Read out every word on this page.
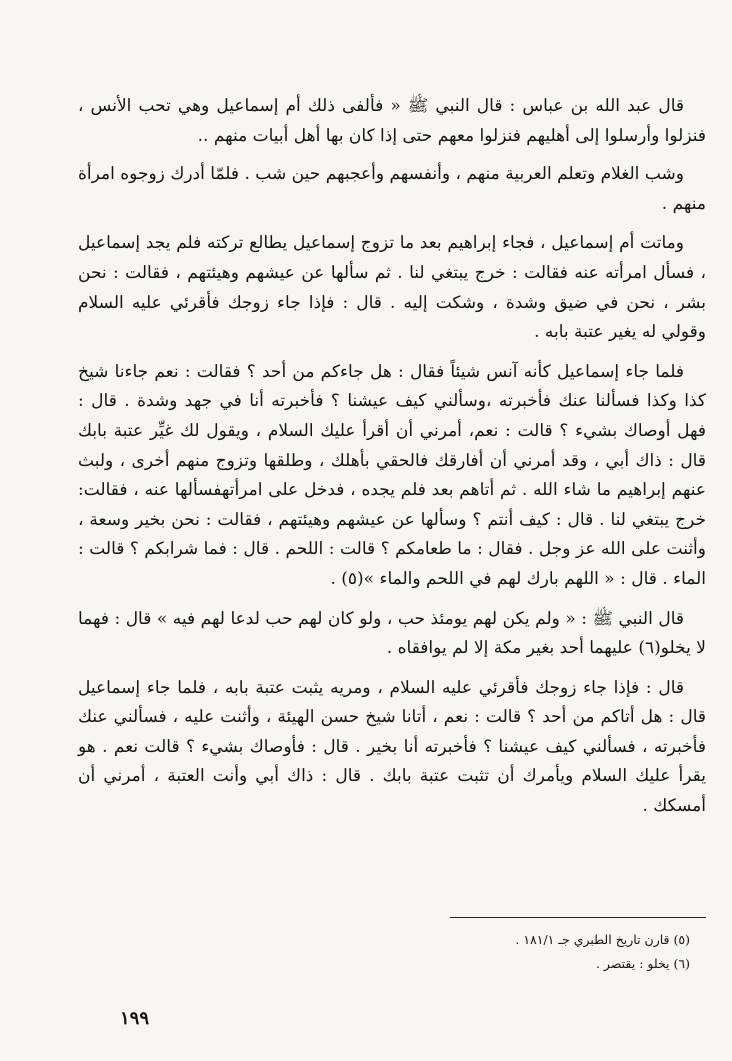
قال عبد الله بن عباس : قال النبي ﷺ « فألفى ذلك أم إسماعيل وهي تحب الأنس ، فنزلوا وأرسلوا إلى أهليهم فنزلوا معهم حتى إذا كان بها أهل أبيات منهم ..

وشب الغلام وتعلم العربية منهم ، وأنفسهم وأعجبهم حين شب . فلمّا أدرك زوجوه امرأة منهم .

وماتت أم إسماعيل ، فجاء إبراهيم بعد ما تزوج إسماعيل يطالع تركته فلم يجد إسماعيل ، فسأل امرأته عنه فقالت : خرج يبتغي لنا . ثم سألها عن عيشهم وهيئتهم ، فقالت : نحن بشر ، نحن في ضيق وشدة ، وشكت إليه . قال : فإذا جاء زوجك فأقرئي عليه السلام وقولي له يغير عتبة بابه .

فلما جاء إسماعيل كأنه آنس شيئاً فقال : هل جاءكم من أحد ؟ فقالت : نعم جاءنا شيخ كذا وكذا فسألنا عنك فأخبرته ،وسألني كيف عيشنا ؟ فأخبرته أنا في جهد وشدة . قال : فهل أوصاك بشيء ؟ قالت : نعم، أمرني أن أقرأ عليك السلام ، ويقول لك غيِّر عتبة بابك قال : ذاك أبي ، وقد أمرني أن أفارقك فالحقي بأهلك ، وطلقها وتزوج منهم أخرى ، ولبث عنهم إبراهيم ما شاء الله . ثم أتاهم بعد فلم يجده ، فدخل على امرأتهفسألها عنه ، فقالت: خرج يبتغي لنا . قال : كيف أنتم ؟ وسألها عن عيشهم وهيئتهم ، فقالت : نحن بخير وسعة ، وأثنت على الله عز وجل . فقال : ما طعامكم ؟ قالت : اللحم . قال : فما شرابكم ؟ قالت : الماء . قال : « اللهم بارك لهم في اللحم والماء »(٥) .

قال النبي ﷺ : « ولم يكن لهم يومئذ حب ، ولو كان لهم حب لدعا لهم فيه » قال : فهما لا يخلو(٦) عليهما أحد بغير مكة إلا لم يوافقاه .

قال : فإذا جاء زوجك فأقرئي عليه السلام ، ومريه يثبت عتبة بابه ، فلما جاء إسماعيل قال : هل أتاكم من أحد ؟ قالت : نعم ، أتانا شيخ حسن الهيئة ، وأثنت عليه ، فسألني عنك فأخبرته ، فسألني كيف عيشنا ؟ فأخبرته أنا بخير . قال : فأوصاك بشيء ؟ قالت نعم . هو يقرأ عليك السلام ويأمرك أن تثبت عتبة بابك . قال : ذاك أبي وأنت العتبة ، أمرني أن أمسكك .

(٥) قارن تاريخ الطبري جـ ١٨١/١ .

(٦) يخلو : يقتصر .

١٩٩
